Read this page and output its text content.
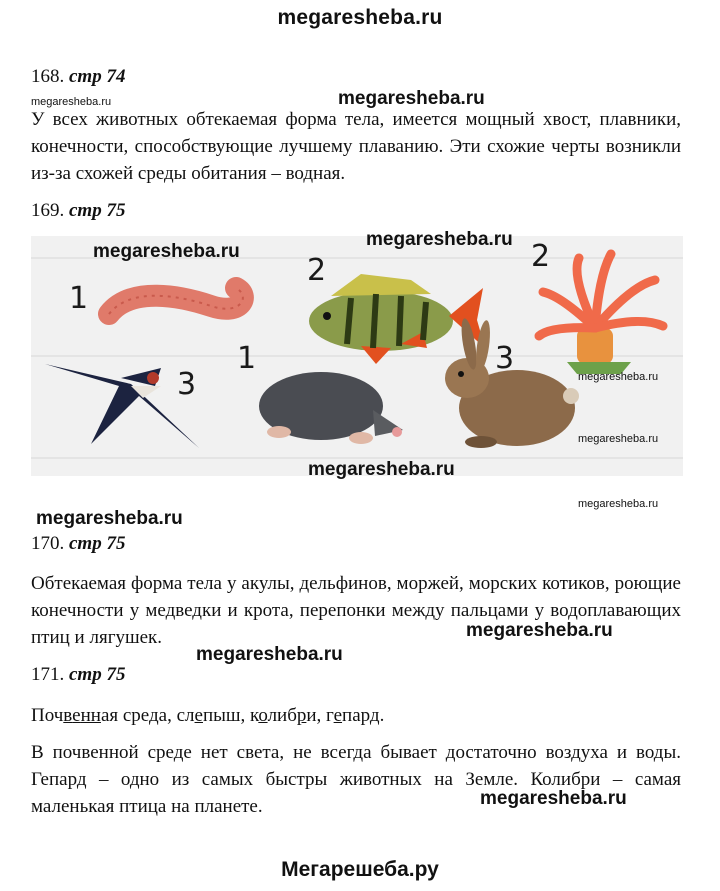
megaresheba.ru
168. стр 74
megaresheba.ru	megaresheba.ru

У всех животных обтекаемая форма тела, имеется мощный хвост, плавники, конечности, способствующие лучшему плаванию. Эти схожие черты возникли из-за схожей среды обитания – водная.

169. стр 75
1
2	2
3
1	3
megaresheba.ru
megaresheba.ru
megaresheba.ru
megaresheba.ru
megaresheba.ru
megaresheba.ru
megaresheba.ru
170. стр 75

Обтекаемая форма тела у акулы, дельфинов, моржей, морских котиков, роющие конечности у медведки и крота, перепонки между пальцами у водоплавающих птиц и лягушек.	megaresheba.ru
megaresheba.ru
171. стр 75

Почвенная среда, слепыш, колибри, гепард.

В почвенной среде нет света, не всегда бывает достаточно воздуха и воды. Гепард – одно из самых быстры животных на Земле. Колибри – самая маленькая птица на планете.	megaresheba.ru
Мегарешеба.ру
